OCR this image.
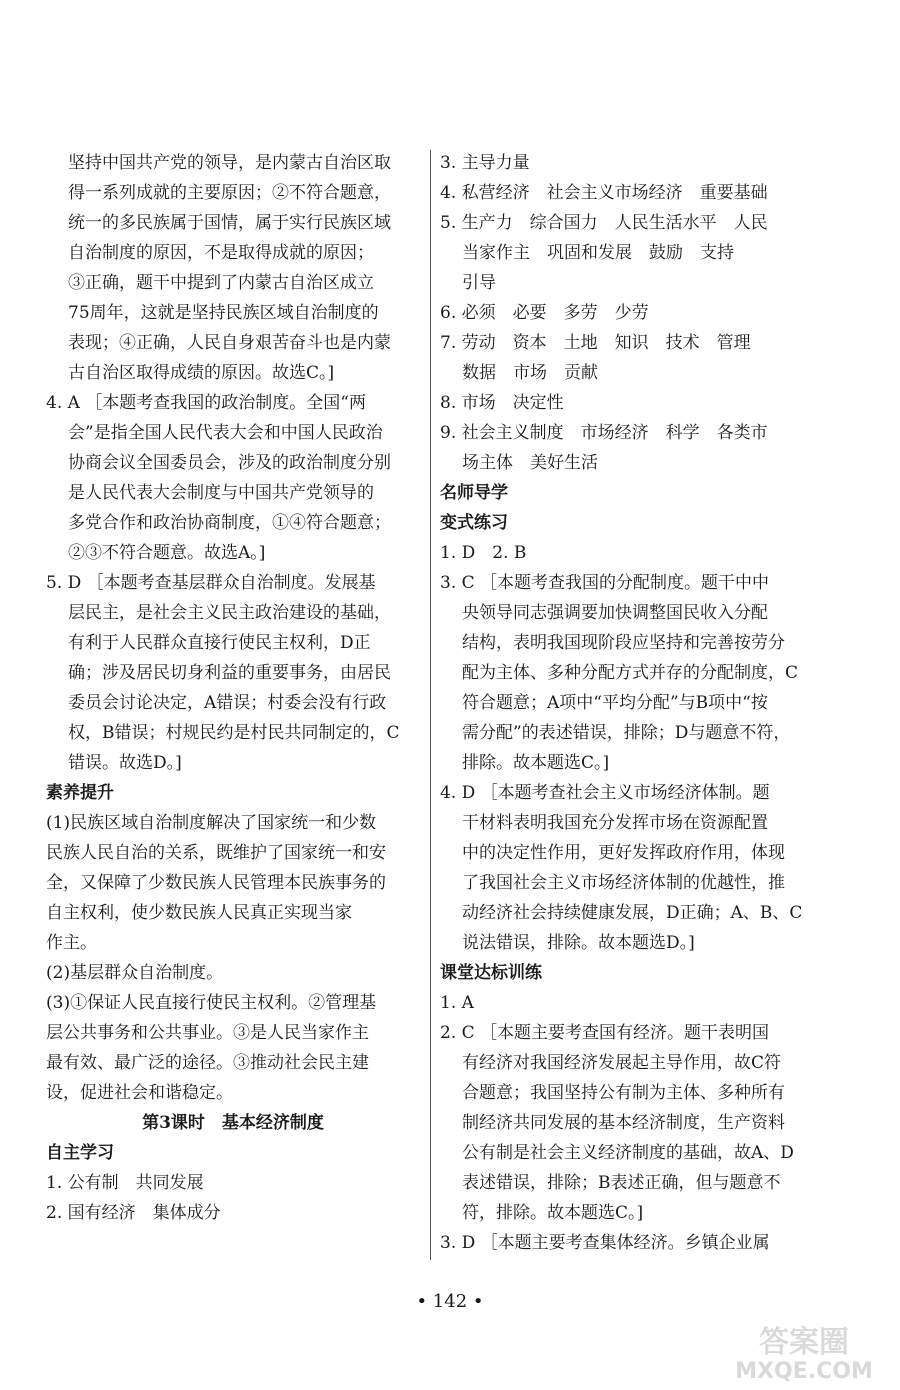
坚持中国共产党的领导，是内蒙古自治区取
得一系列成就的主要原因；②不符合题意，
统一的多民族属于国情，属于实行民族区域
自治制度的原因，不是取得成就的原因；
③正确，题干中提到了内蒙古自治区成立
75周年，这就是坚持民族区域自治制度的
表现；④正确，人民自身艰苦奋斗也是内蒙
古自治区取得成绩的原因。故选C。]
4. A ［本题考查我国的政治制度。全国“两
会”是指全国人民代表大会和中国人民政治
协商会议全国委员会，涉及的政治制度分别
是人民代表大会制度与中国共产党领导的
多党合作和政治协商制度，①④符合题意；
②③不符合题意。故选A。]
5. D ［本题考查基层群众自治制度。发展基
层民主，是社会主义民主政治建设的基础，
有利于人民群众直接行使民主权利，D正
确；涉及居民切身利益的重要事务，由居民
委员会讨论决定，A错误；村委会没有行政
权，B错误；村规民约是村民共同制定的，C
错误。故选D。]
素养提升
(1)民族区域自治制度解决了国家统一和少数
民族人民自治的关系，既维护了国家统一和安
全，又保障了少数民族人民管理本民族事务的
自主权利，使少数民族人民真正实现当家
作主。
(2)基层群众自治制度。
(3)①保证人民直接行使民主权利。②管理基
层公共事务和公共事业。③是人民当家作主
最有效、最广泛的途径。③推动社会民主建
设，促进社会和谐稳定。
第3课时　基本经济制度
自主学习
1. 公有制　共同发展
2. 国有经济　集体成分
3. 主导力量
4. 私营经济　社会主义市场经济　重要基础
5. 生产力　综合国力　人民生活水平　人民
当家作主　巩固和发展　鼓励　支持
引导
6. 必须　必要　多劳　少劳
7. 劳动　资本　土地　知识　技术　管理
数据　市场　贡献
8. 市场　决定性
9. 社会主义制度　市场经济　科学　各类市
场主体　美好生活
名师导学
变式练习
1. D　2. B
3. C ［本题考查我国的分配制度。题干中中
央领导同志强调要加快调整国民收入分配
结构，表明我国现阶段应坚持和完善按劳分
配为主体、多种分配方式并存的分配制度，C
符合题意；A项中“平均分配”与B项中“按
需分配”的表述错误，排除；D与题意不符，
排除。故本题选C。]
4. D ［本题考查社会主义市场经济体制。题
干材料表明我国充分发挥市场在资源配置
中的决定性作用，更好发挥政府作用，体现
了我国社会主义市场经济体制的优越性，推
动经济社会持续健康发展，D正确；A、B、C
说法错误，排除。故本题选D。]
课堂达标训练
1. A
2. C ［本题主要考查国有经济。题干表明国
有经济对我国经济发展起主导作用，故C符
合题意；我国坚持公有制为主体、多种所有
制经济共同发展的基本经济制度，生产资料
公有制是社会主义经济制度的基础，故A、D
表述错误，排除；B表述正确，但与题意不
符，排除。故本题选C。]
3. D ［本题主要考查集体经济。乡镇企业属
• 142 •
答案圈
MXQE.COM
